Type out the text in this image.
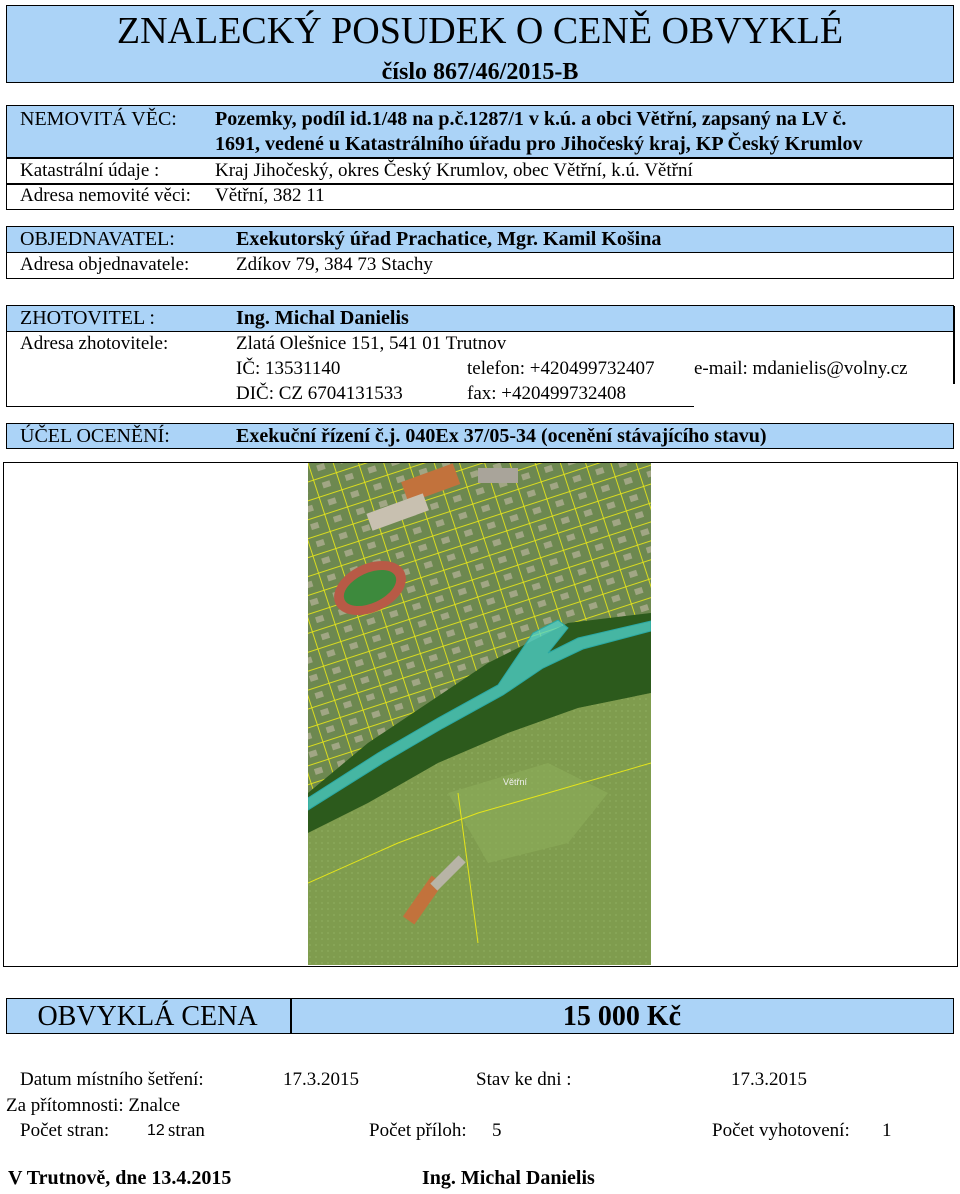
ZNALECKÝ POSUDEK O CENĚ OBVYKLÉ
číslo 867/46/2015-B
NEMOVITÁ VĚC: Pozemky, podíl id.1/48 na p.č.1287/1 v k.ú. a obci Větřní, zapsaný na LV č.
1691, vedené u Katastrálního úřadu pro Jihočeský kraj, KP Český Krumlov
Katastrální údaje :	Kraj Jihočeský, okres Český Krumlov, obec Větřní, k.ú. Větřní
Adresa nemovité věci: Větřní, 382 11
OBJEDNAVATEL:	Exekutorský úřad Prachatice, Mgr. Kamil Košina
Adresa objednavatele: Zdíkov 79, 384 73 Stachy
ZHOTOVITEL :	Ing. Michal Danielis
Adresa zhotovitele:	Zlatá Olešnice 151, 541 01 Trutnov
IČ: 13531140	telefon: +420499732407 e-mail: mdanielis@volny.cz
DIČ: CZ 6704131533	fax: +420499732408
ÚČEL OCENĚNÍ:	Exekuční řízení č.j. 040Ex 37/05-34 (ocenění stávajícího stavu)
Větřní
OBVYKLÁ CENA	15 000 Kč
Datum místního šetření:	17.3.2015	Stav ke dni :	17.3.2015
Za přítomnosti: Znalce
Počet stran: 12 stran	Počet příloh: 5	Počet vyhotovení: 1
V Trutnově, dne 13.4.2015	Ing. Michal Danielis
